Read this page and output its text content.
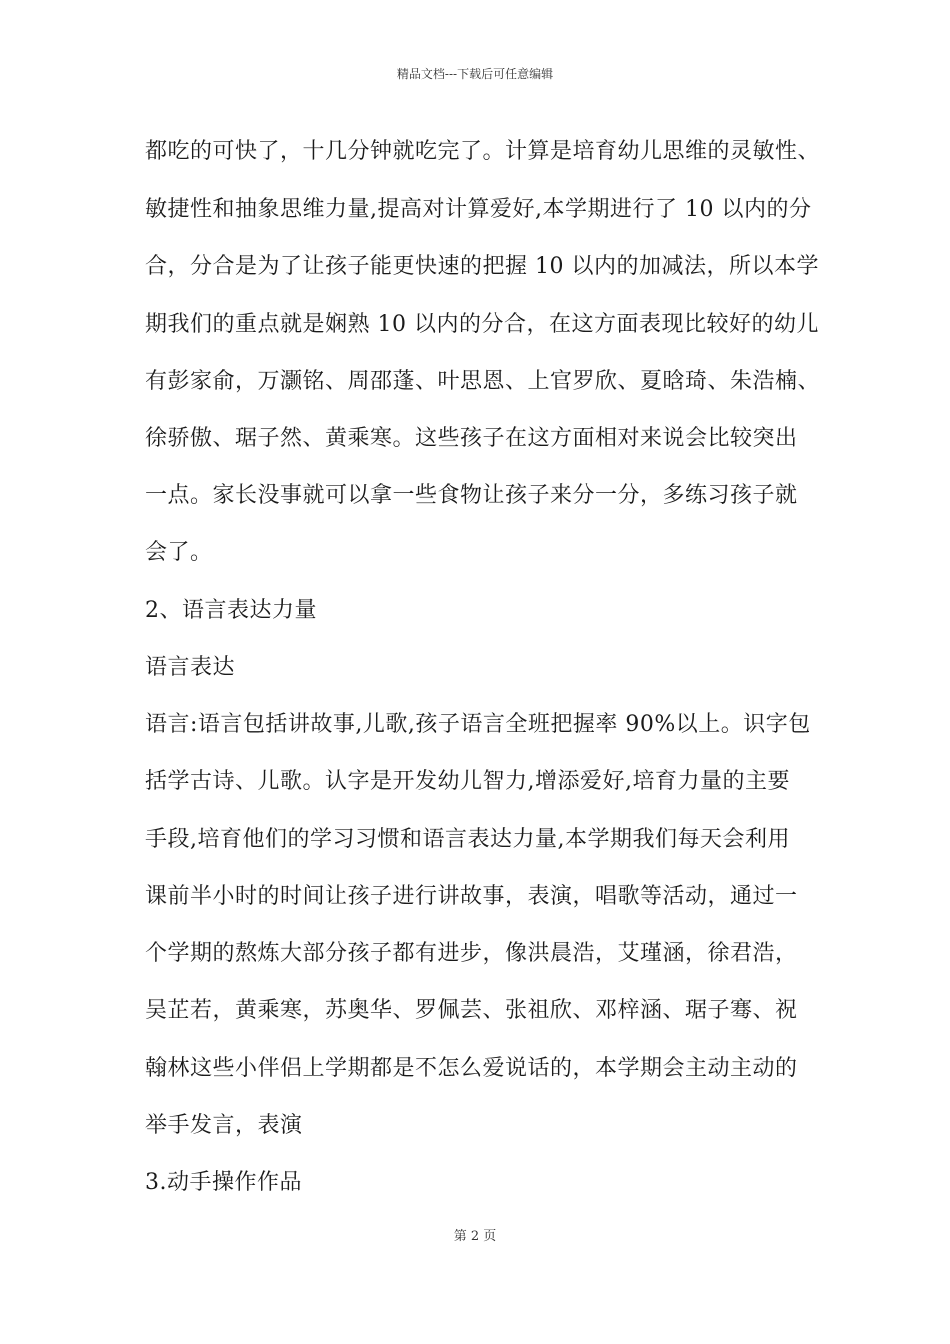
精品文档---下载后可任意编辑
都吃的可快了，十几分钟就吃完了。计算是培育幼儿思维的灵敏性、
敏捷性和抽象思维力量,提高对计算爱好,本学期进行了 10 以内的分
合，分合是为了让孩子能更快速的把握 10 以内的加减法，所以本学
期我们的重点就是娴熟 10 以内的分合，在这方面表现比较好的幼儿
有彭家俞，万灏铭、周邵蓬、叶思恩、上官罗欣、夏晗琦、朱浩楠、
徐骄傲、琚子然、黄乘寒。这些孩子在这方面相对来说会比较突出
一点。家长没事就可以拿一些食物让孩子来分一分，多练习孩子就
会了。
2、语言表达力量
语言表达
语言:语言包括讲故事,儿歌,孩子语言全班把握率 90%以上。识字包
括学古诗、儿歌。认字是开发幼儿智力,增添爱好,培育力量的主要
手段,培育他们的学习习惯和语言表达力量,本学期我们每天会利用
课前半小时的时间让孩子进行讲故事，表演，唱歌等活动，通过一
个学期的熬炼大部分孩子都有进步，像洪晨浩，艾瑾涵，徐君浩，
吴芷若，黄乘寒，苏奥华、罗佩芸、张祖欣、邓梓涵、琚子骞、祝
翰林这些小伴侣上学期都是不怎么爱说话的，本学期会主动主动的
举手发言，表演
3.动手操作作品
第 2 页
